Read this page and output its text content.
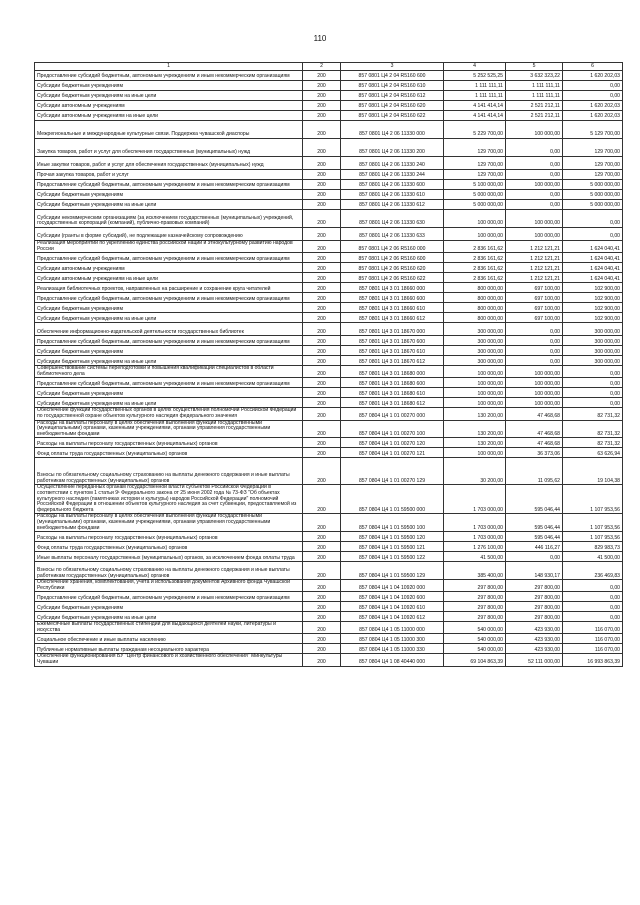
110
1	2	3	4	5	6
Предоставление субсидий бюджетным, автономным учреждениям и иным некоммерческим организациям	200	857 0801 Ц4 2 04 R5160 600	5 252 525,25	3 632 323,22	1 620 202,03
Субсидии бюджетным учреждениям	200	857 0801 Ц4 2 04 R5160 610	1 111 111,11	1 111 111,11	0,00
Субсидии бюджетным учреждениям на иные цели	200	857 0801 Ц4 2 04 R5160 612	1 111 111,11	1 111 111,11	0,00
Субсидии автономным учреждениям	200	857 0801 Ц4 2 04 R5160 620	4 141 414,14	2 521 212,11	1 620 202,03
Субсидии автономным учреждениям на иные цели	200	857 0801 Ц4 2 04 R5160 622	4 141 414,14	2 521 212,11	1 620 202,03
Межрегиональные и международные культурные связи. Поддержка чувашской диаспоры	200	857 0801 Ц4 2 06 11330 000	5 229 700,00	100 000,00	5 129 700,00
Закупка товаров, работ и услуг для обеспечения государственных (муниципальных) нужд	200	857 0801 Ц4 2 06 11330 200	129 700,00	0,00	129 700,00
Иные закупки товаров, работ и услуг для обеспечения государственных (муниципальных) нужд	200	857 0801 Ц4 2 06 11330 240	129 700,00	0,00	129 700,00
Прочая закупка товаров, работ и услуг	200	857 0801 Ц4 2 06 11330 244	129 700,00	0,00	129 700,00
Предоставление субсидий бюджетным, автономным учреждениям и иным некоммерческим организациям	200	857 0801 Ц4 2 06 11330 600	5 100 000,00	100 000,00	5 000 000,00
Субсидии бюджетным учреждениям	200	857 0801 Ц4 2 06 11330 610	5 000 000,00	0,00	5 000 000,00
Субсидии бюджетным учреждениям на иные цели	200	857 0801 Ц4 2 06 11330 612	5 000 000,00	0,00	5 000 000,00
Субсидии некоммерческим организациям (за исключением государственных (муниципальных) учреждений, государственных корпораций (компаний), публично-правовых компаний)	200	857 0801 Ц4 2 06 11330 630	100 000,00	100 000,00	0,00
Субсидии (гранты в форме субсидий), не подлежащие казначейскому сопровождению	200	857 0801 Ц4 2 06 11330 633	100 000,00	100 000,00	0,00
Реализация мероприятий по укреплению единства российской нации и этнокультурному развитию народов России	200	857 0801 Ц4 2 06 R5160 000	2 836 161,62	1 212 121,21	1 624 040,41
Предоставление субсидий бюджетным, автономным учреждениям и иным некоммерческим организациям	200	857 0801 Ц4 2 06 R5160 600	2 836 161,62	1 212 121,21	1 624 040,41
Субсидии автономным учреждениям	200	857 0801 Ц4 2 06 R5160 620	2 836 161,62	1 212 121,21	1 624 040,41
Субсидии автономным учреждениям на иные цели	200	857 0801 Ц4 2 06 R5160 622	2 836 161,62	1 212 121,21	1 624 040,41
Реализация библиотечных проектов, направленных на расширение и сохранение круга читателей	200	857 0801 Ц4 3 01 18660 000	800 000,00	697 100,00	102 900,00
Предоставление субсидий бюджетным, автономным учреждениям и иным некоммерческим организациям	200	857 0801 Ц4 3 01 18660 600	800 000,00	697 100,00	102 900,00
Субсидии бюджетным учреждениям	200	857 0801 Ц4 3 01 18660 610	800 000,00	697 100,00	102 900,00
Субсидии бюджетным учреждениям на иные цели	200	857 0801 Ц4 3 01 18660 612	800 000,00	697 100,00	102 900,00
Обеспечение информационно-издательской деятельности государственных библиотек	200	857 0801 Ц4 3 01 18670 000	300 000,00	0,00	300 000,00
Предоставление субсидий бюджетным, автономным учреждениям и иным некоммерческим организациям	200	857 0801 Ц4 3 01 18670 600	300 000,00	0,00	300 000,00
Субсидии бюджетным учреждениям	200	857 0801 Ц4 3 01 18670 610	300 000,00	0,00	300 000,00
Субсидии бюджетным учреждениям на иные цели	200	857 0801 Ц4 3 01 18670 612	300 000,00	0,00	300 000,00
Совершенствование системы переподготовки и повышения квалификации специалистов в области библиотечного дела	200	857 0801 Ц4 3 01 18680 000	100 000,00	100 000,00	0,00
Предоставление субсидий бюджетным, автономным учреждениям и иным некоммерческим организациям	200	857 0801 Ц4 3 01 18680 600	100 000,00	100 000,00	0,00
Субсидии бюджетным учреждениям	200	857 0801 Ц4 3 01 18680 610	100 000,00	100 000,00	0,00
Субсидии бюджетным учреждениям на иные цели	200	857 0801 Ц4 3 01 18680 612	100 000,00	100 000,00	0,00
Обеспечение функций государственных органов в целях осуществления полномочий Российской Федерации по государственной охране объектов культурного наследия федерального значения	200	857 0804 Ц4 1 01 00270 000	130 200,00	47 468,68	82 731,32
Расходы на выплаты персоналу в целях обеспечения выполнения функций государственными (муниципальными) органами, казенными учреждениями, органами управления государственными внебюджетными фондами	200	857 0804 Ц4 1 01 00270 100	130 200,00	47 468,68	82 731,32
Расходы на выплаты персоналу государственных (муниципальных) органов	200	857 0804 Ц4 1 01 00270 120	130 200,00	47 468,68	82 731,32
Фонд оплаты труда государственных (муниципальных) органов	200	857 0804 Ц4 1 01 00270 121	100 000,00	36 373,06	63 626,94
Взносы по обязательному социальному страхованию на выплаты денежного содержания и иные выплаты работникам государственных (муниципальных) органов	200	857 0804 Ц4 1 01 00270 129	30 200,00	11 095,62	19 104,38
Осуществление переданных органам государственной власти субъектов Российской Федерации в соответствии с пунктом 1 статьи 9¹ Федерального закона от 25 июня 2002 года № 73-ФЗ "Об объектах культурного наследия (памятниках истории и культуры) народов Российской Федерации" полномочий Российской Федерации в отношении объектов культурного наследия за счет субвенции, предоставляемой из федерального бюджета	200	857 0804 Ц4 1 01 59500 000	1 703 000,00	595 046,44	1 107 953,56
Расходы на выплаты персоналу в целях обеспечения выполнения функций государственными (муниципальными) органами, казенными учреждениями, органами управления государственными внебюджетными фондами	200	857 0804 Ц4 1 01 59500 100	1 703 000,00	595 046,44	1 107 953,56
Расходы на выплаты персоналу государственных (муниципальных) органов	200	857 0804 Ц4 1 01 59500 120	1 703 000,00	595 046,44	1 107 953,56
Фонд оплаты труда государственных (муниципальных) органов	200	857 0804 Ц4 1 01 59500 121	1 276 100,00	446 116,27	829 983,73
Иные выплаты персоналу государственных (муниципальных) органов, за исключением фонда оплаты труда	200	857 0804 Ц4 1 01 59500 122	41 500,00	0,00	41 500,00
Взносы по обязательному социальному страхованию на выплаты денежного содержания и иные выплаты работникам государственных (муниципальных) органов	200	857 0804 Ц4 1 01 59500 129	385 400,00	148 930,17	236 469,83
Обеспечение хранения, комплектования, учета и использования документов Архивного фонда Чувашской Республики	200	857 0804 Ц4 1 04 10920 000	297 800,00	297 800,00	0,00
Предоставление субсидий бюджетным, автономным учреждениям и иным некоммерческим организациям	200	857 0804 Ц4 1 04 10920 600	297 800,00	297 800,00	0,00
Субсидии бюджетным учреждениям	200	857 0804 Ц4 1 04 10920 610	297 800,00	297 800,00	0,00
Субсидии бюджетным учреждениям на иные цели	200	857 0804 Ц4 1 04 10920 612	297 800,00	297 800,00	0,00
Ежемесячные выплаты государственных стипендий для выдающихся деятелей науки, литературы и искусства	200	857 0804 Ц4 1 05 11000 000	540 000,00	423 930,00	116 070,00
Социальное обеспечение и иные выплаты населению	200	857 0804 Ц4 1 05 11000 300	540 000,00	423 930,00	116 070,00
Публичные нормативные выплаты гражданам несоциального характера	200	857 0804 Ц4 1 05 11000 330	540 000,00	423 930,00	116 070,00
Обеспечение функционирования БУ "Центр финансового и хозяйственного обеспечения" Минкультуры Чувашии	200	857 0804 Ц4 1 08 40440 000	69 104 863,39	52 111 000,00	16 993 863,39
